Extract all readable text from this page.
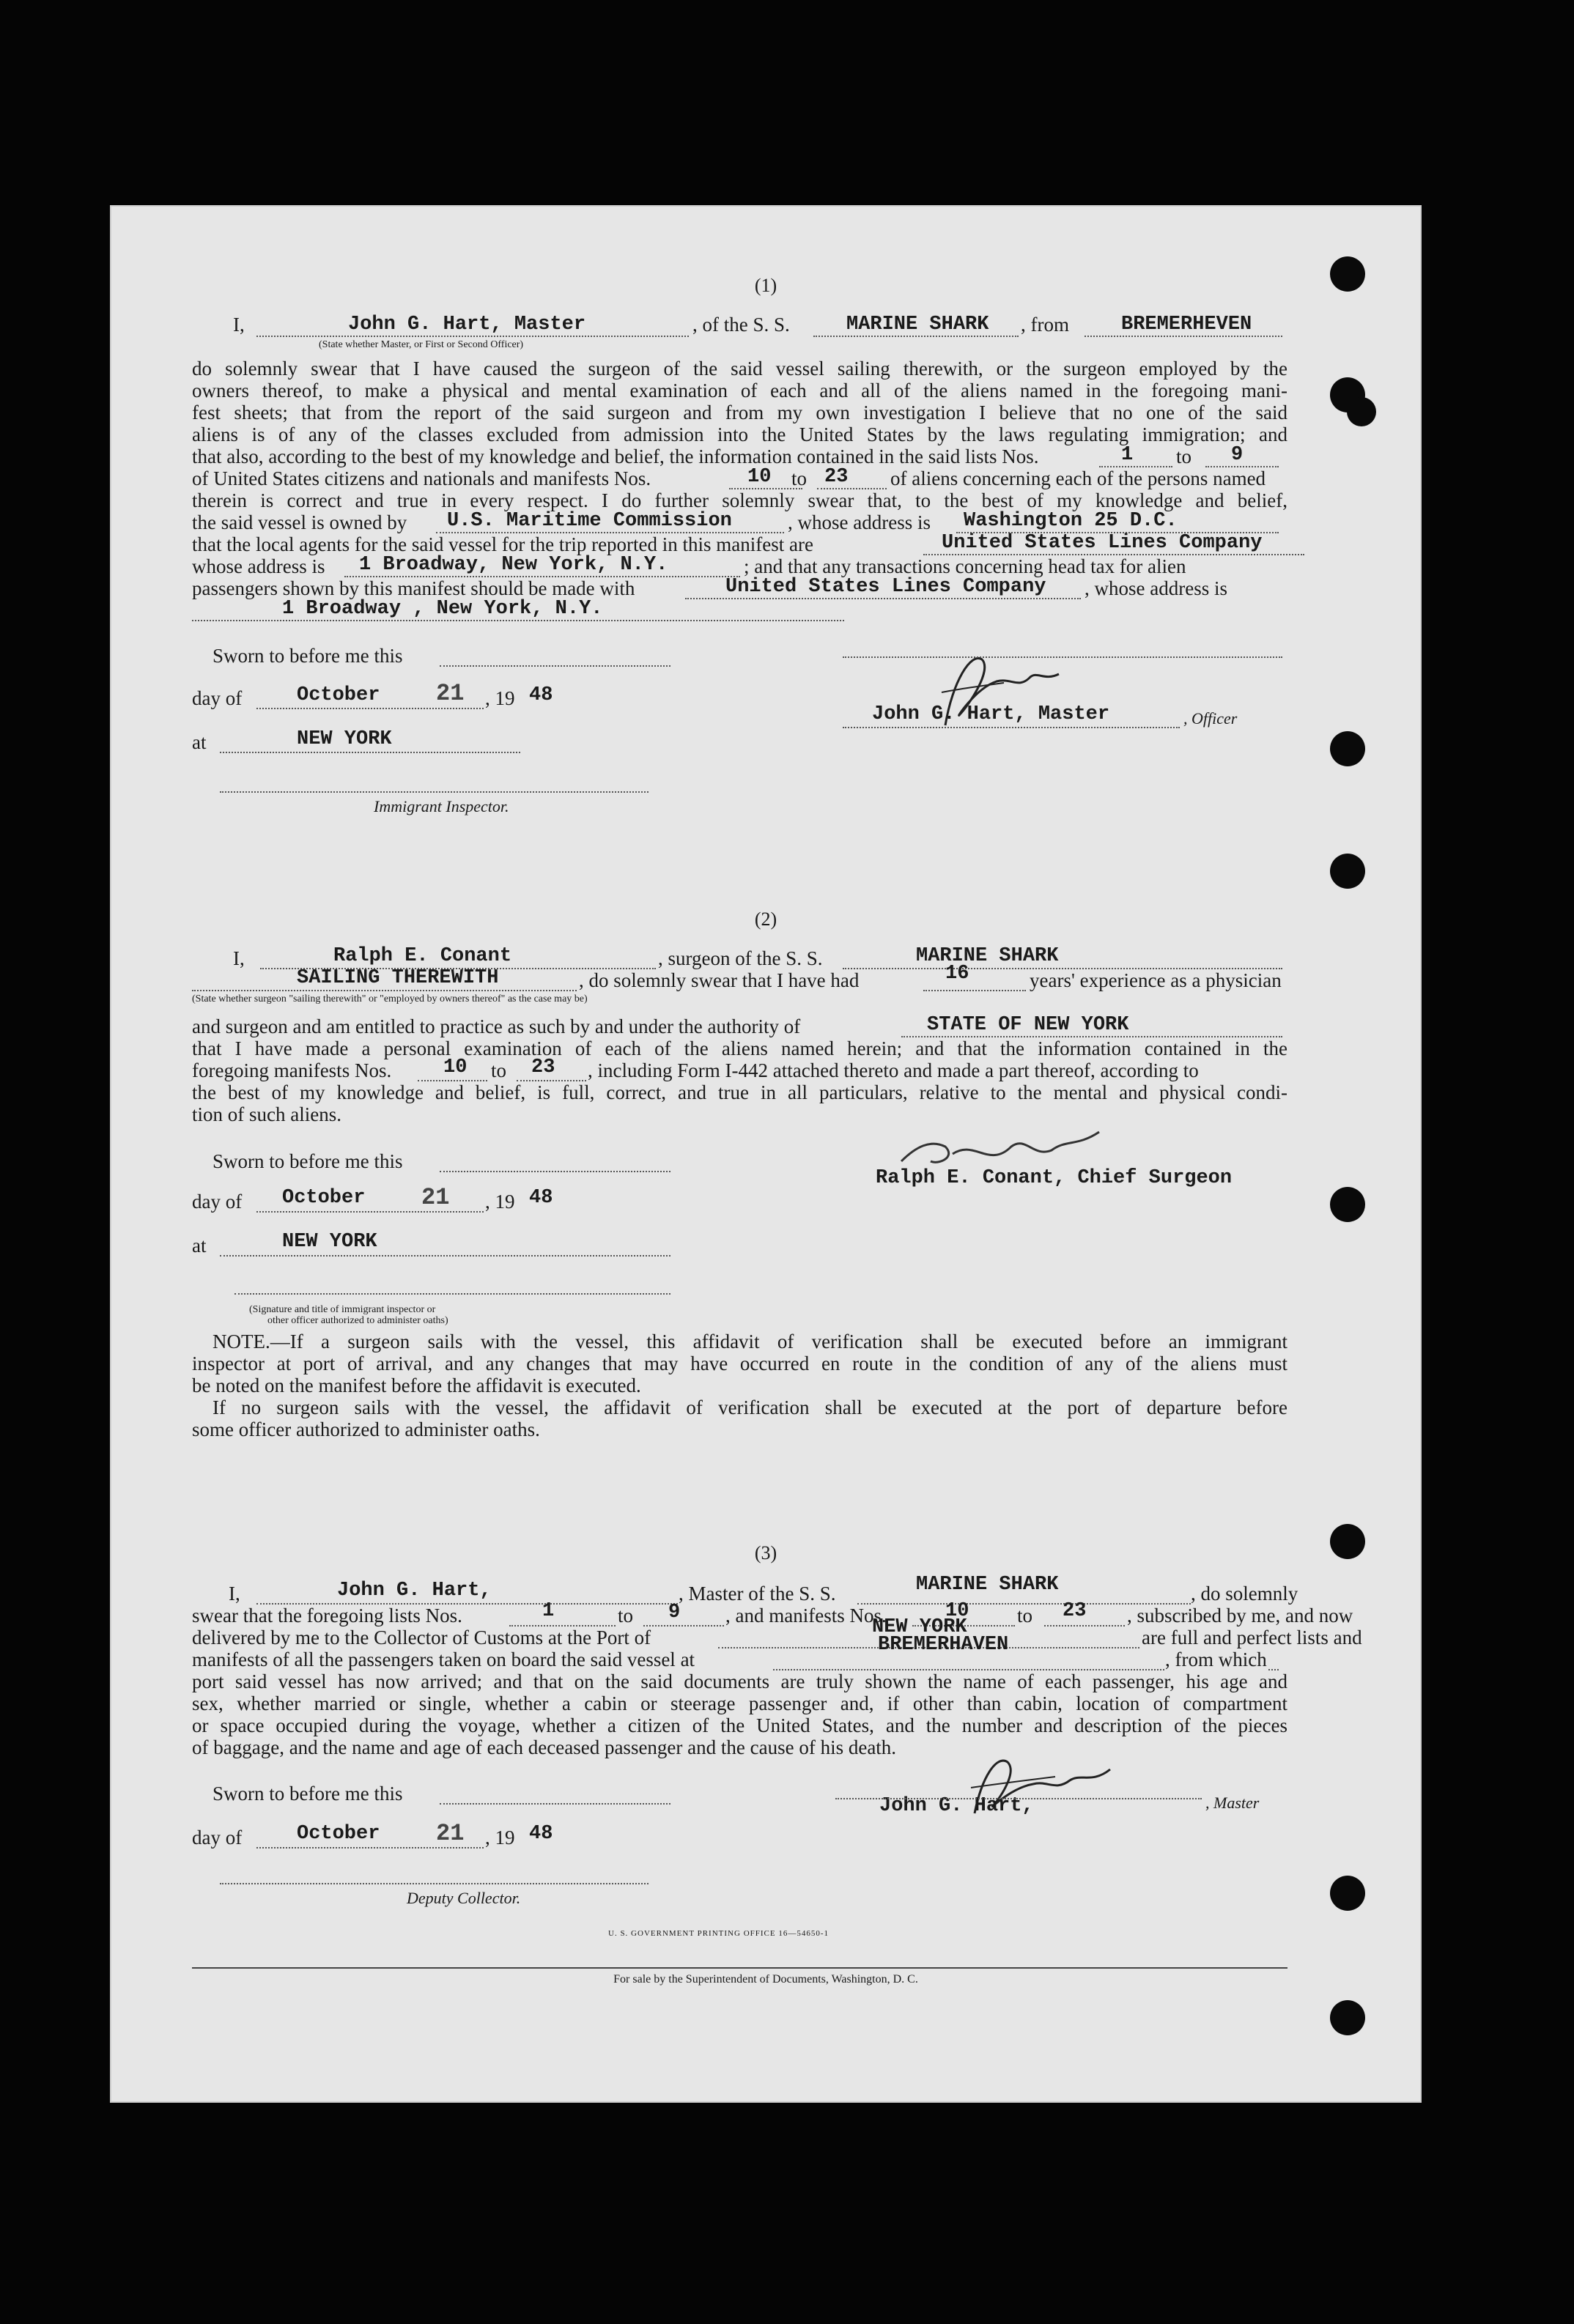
(1)
I,	John G. Hart, Master	, of the S. S.	MARINE SHARK , from	BREMERHEVEN
(State whether Master, or First or Second Officer)
do solemnly swear that I have caused the surgeon of the said vessel sailing therewith, or the surgeon employed by the
owners thereof, to make a physical and mental examination of each and all of the aliens named in the foregoing mani-
fest sheets; that from the report of the said surgeon and from my own investigation I believe that no one of the said
aliens is of any of the classes excluded from admission into the United States by the laws regulating immigration; and
that also, according to the best of my knowledge and belief, the information contained in the said lists Nos.	1 to 9
of United States citizens and nationals and manifests Nos.	10 to 23 of aliens concerning each of the persons named
therein is correct and true in every respect. I do further solemnly swear that, to the best of my knowledge and belief,
the said vessel is owned by U.S. Maritime Commission	, whose address is Washington 25 D.C.
that the local agents for the said vessel for the trip reported in this manifest are	United States Lines Company
whose address is 1 Broadway, New York, N.Y.	; and that any transactions concerning head tax for alien
passengers shown by this manifest should be made with	United States Lines Company , whose address is
1 Broadway , New York, N.Y.
Sworn to before me this
day of	October 21 , 19 48
at	NEW YORK
Immigrant Inspector.
John G. Hart, Master	, Officer
(2)
I,	Ralph E. Conant	, surgeon of the S. S.	MARINE SHARK
SAILING THEREWITH	, do solemnly swear that I have had	16	years' experience as a physician
(State whether surgeon "sailing therewith" or "employed by owners thereof" as the case may be)
and surgeon and am entitled to practice as such by and under the authority of	STATE OF NEW YORK
that I have made a personal examination of each of the aliens named herein; and that the information contained in the
foregoing manifests Nos.	10 to 23 , including Form I-442 attached thereto and made a part thereof, according to
the best of my knowledge and belief, is full, correct, and true in all particulars, relative to the mental and physical condi-
tion of such aliens.
Sworn to before me this
day of October 21 , 19 48
at	NEW YORK
(Signature and title of immigrant inspector or
other officer authorized to administer oaths)
Ralph E. Conant, Chief Surgeon
NOTE.—If a surgeon sails with the vessel, this affidavit of verification shall be executed before an immigrant
inspector at port of arrival, and any changes that may have occurred en route in the condition of any of the aliens must
be noted on the manifest before the affidavit is executed.
If no surgeon sails with the vessel, the affidavit of verification shall be executed at the port of departure before
some officer authorized to administer oaths.
(3)
I,	John G. Hart,	, Master of the S. S.	MARINE SHARK	, do solemnly
swear that the foregoing lists Nos.	1	to 9 , and manifests Nos.	10 to 23 , subscribed by me, and now
delivered by me to the Collector of Customs at the Port of	NEW YORK	are full and perfect lists and
manifests of all the passengers taken on board the said vessel at
BREMERHAVEN
, from which
port said vessel has now arrived; and that on the said documents are truly shown the name of each passenger, his age and
sex, whether married or single, whether a cabin or steerage passenger and, if other than cabin, location of compartment
or space occupied during the voyage, whether a citizen of the United States, and the number and description of the pieces
of baggage, and the name and age of each deceased passenger and the cause of his death.
Sworn to before me this
day of	October 21 , 19 48
Deputy Collector.
John G. Hart,	, Master
U. S. GOVERNMENT PRINTING OFFICE 16—54650-1
For sale by the Superintendent of Documents, Washington, D. C.
